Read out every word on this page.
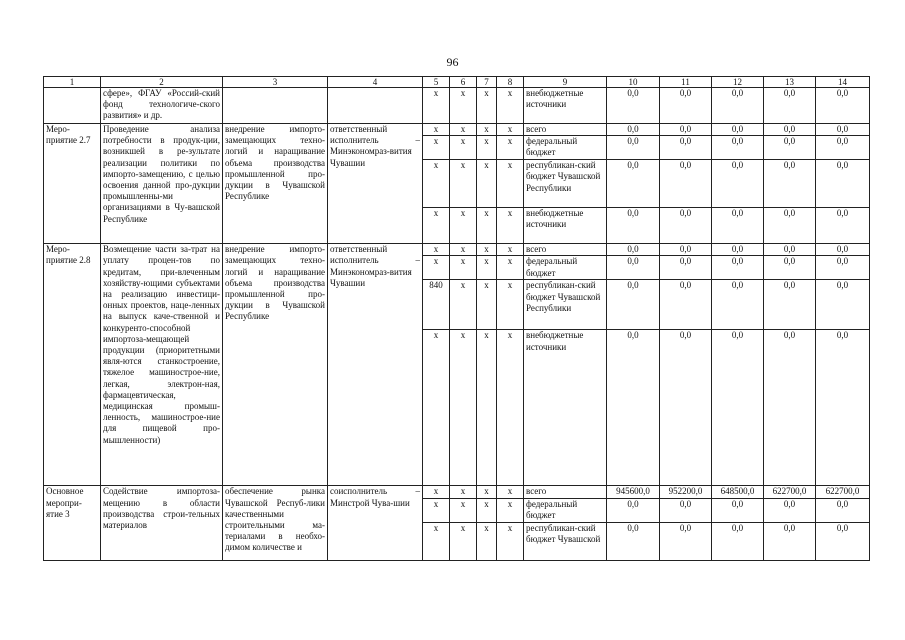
96
1	2	3	4	5	6	7	8	9	10	11	12	13	14
	сфере», ФГАУ «Россий-ский фонд технологиче-ского развития» и др.			х	х	х	х	внебюджетные источники	0,0	0,0	0,0	0,0	0,0
Меро-приятие 2.7	Проведение анализа потребности в продук-ции, возникшей в ре-зультате реализации политики по импорто-замещению, с целью освоения данной про-дукции промышленны-ми организациями в Чу-вашской Республике	внедрение импорто-замещающих техно-логий и наращивание объема производства промышленной про-дукции в Чувашской Республике	ответственный исполнитель – Минэкономраз-вития Чувашии	х	х	х	х	всего	0,0	0,0	0,0	0,0	0,0
				х	х	х	х	федеральный бюджет	0,0	0,0	0,0	0,0	0,0
				х	х	х	х	республикан-ский бюджет Чувашской Республики	0,0	0,0	0,0	0,0	0,0
				х	х	х	х	внебюджетные источники	0,0	0,0	0,0	0,0	0,0
Меро-приятие 2.8	Возмещение части за-трат на уплату процен-тов по кредитам, при-влеченным хозяйству-ющими субъектами на реализацию инвестици-онных проектов, наце-ленных на выпуск каче-ственной и конкуренто-способной импортоза-мещающей продукции (приоритетными явля-ются станкостроение, тяжелое машинострое-ние, легкая, электрон-ная, фармацевтическая, медицинская промыш-ленность, машинострое-ние для пищевой про-мышленности)	внедрение импорто-замещающих техно-логий и наращивание объема производства промышленной про-дукции в Чувашской Республике	ответственный исполнитель – Минэкономраз-вития Чувашии	х	х	х	х	всего	0,0	0,0	0,0	0,0	0,0
				х	х	х	х	федеральный бюджет	0,0	0,0	0,0	0,0	0,0
				840	х	х	х	республикан-ский бюджет Чувашской Республики	0,0	0,0	0,0	0,0	0,0
				х	х	х	х	внебюджетные источники	0,0	0,0	0,0	0,0	0,0
Основное меропри-ятие 3	Содействие импортоза-мещению в области производства строи-тельных материалов	обеспечение рынка Чувашской Респуб-лики качественными строительными ма-териалами в необхо-димом количестве и	соисполнитель – Минстрой Чува-шии	х	х	х	х	всего	945600,0	952200,0	648500,0	622700,0	622700,0
				х	х	х	х	федеральный бюджет	0,0	0,0	0,0	0,0	0,0
				х	х	х	х	республикан-ский бюджет Чувашской	0,0	0,0	0,0	0,0	0,0
